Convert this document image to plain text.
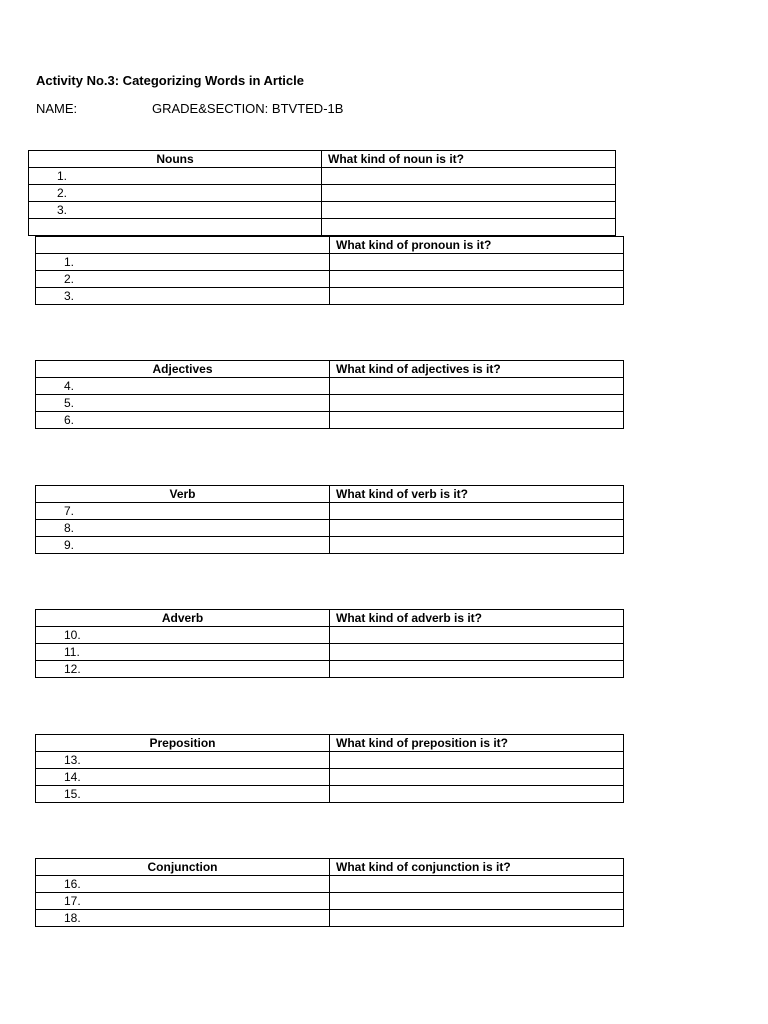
Activity No.3: Categorizing Words in Article
NAME:	GRADE&SECTION: BTVTED-1B
Nouns	What kind of noun is it?
1.	
2.	
3.	

	What kind of pronoun is it?
1.	
2.	
3.	
Adjectives	What kind of adjectives is it?
4.	
5.	
6.	
Verb	What kind of verb is it?
7.	
8.	
9.	
Adverb	What kind of adverb is it?
10.	
11.	
12.	
Preposition	What kind of preposition is it?
13.	
14.	
15.	
Conjunction	What kind of conjunction is it?
16.	
17.	
18.	
